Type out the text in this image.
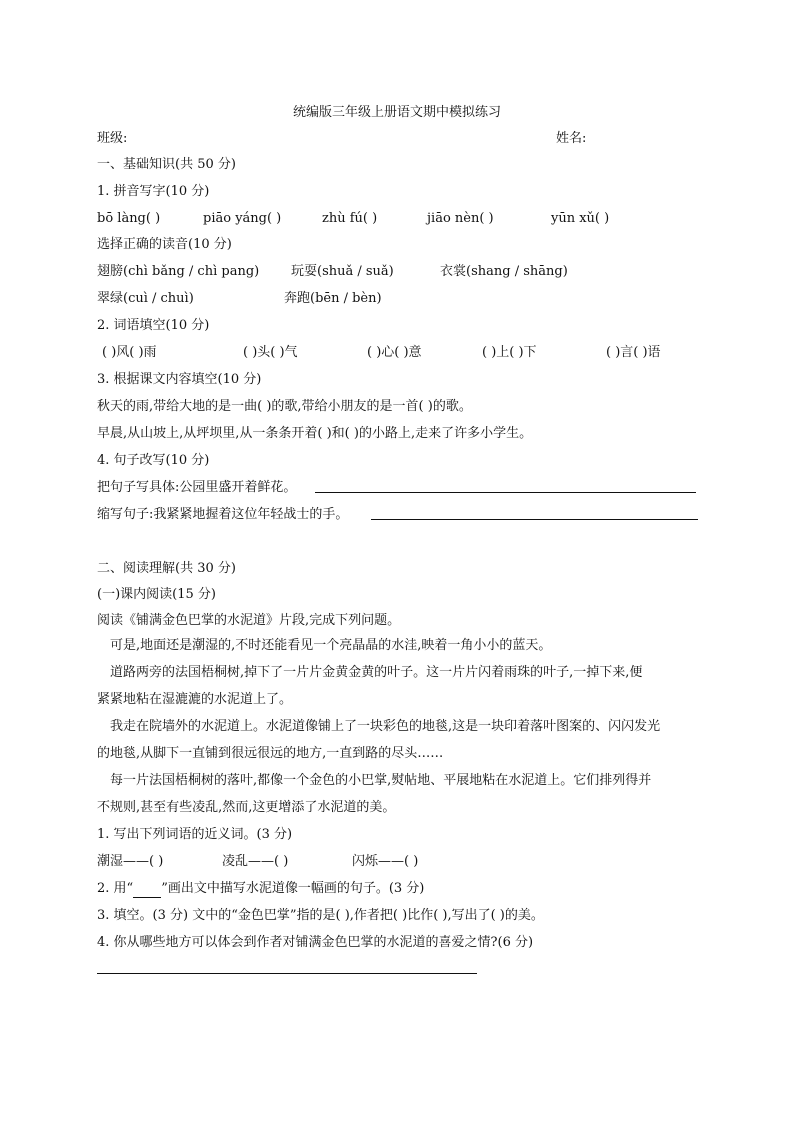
统编版三年级上册语文期中模拟练习
班级:	姓名:
一、基础知识(共 50 分)
1. 拼音写字(10 分)
bō làng( )	piāo yáng( )	zhù fú( )	jiāo nèn( )	yūn xǔ( )
选择正确的读音(10 分)
翅膀(chì bǎng / chì pang) 玩耍(shuǎ / suǎ)	衣裳(shang / shāng)
翠绿(cuì / chuì)	奔跑(bēn / bèn)
2. 词语填空(10 分)
( )风( )雨	( )头( )气	( )心( )意	( )上( )下	( )言( )语
3. 根据课文内容填空(10 分)
秋天的雨,带给大地的是一曲( )的歌,带给小朋友的是一首( )的歌。
早晨,从山坡上,从坪坝里,从一条条开着( )和( )的小路上,走来了许多小学生。
4. 句子改写(10 分)
把句子写具体:公园里盛开着鲜花。
缩写句子:我紧紧地握着这位年轻战士的手。
二、阅读理解(共 30 分)
(一)课内阅读(15 分)
阅读《铺满金色巴掌的水泥道》片段,完成下列问题。
可是,地面还是潮湿的,不时还能看见一个亮晶晶的水洼,映着一角小小的蓝天。
道路两旁的法国梧桐树,掉下了一片片金黄金黄的叶子。这一片片闪着雨珠的叶子,一掉下来,便
紧紧地粘在湿漉漉的水泥道上了。
我走在院墙外的水泥道上。水泥道像铺上了一块彩色的地毯,这是一块印着落叶图案的、闪闪发光
的地毯,从脚下一直铺到很远很远的地方,一直到路的尽头……
每一片法国梧桐树的落叶,都像一个金色的小巴掌,熨帖地、平展地粘在水泥道上。它们排列得并
不规则,甚至有些凌乱,然而,这更增添了水泥道的美。
1. 写出下列词语的近义词。(3 分)
潮湿——( )	凌乱——( )	闪烁——( )
2. 用“ ”画出文中描写水泥道像一幅画的句子。(3 分)
3. 填空。(3 分) 文中的“金色巴掌”指的是( ),作者把( )比作( ),写出了( )的美。
4. 你从哪些地方可以体会到作者对铺满金色巴掌的水泥道的喜爱之情?(6 分)
